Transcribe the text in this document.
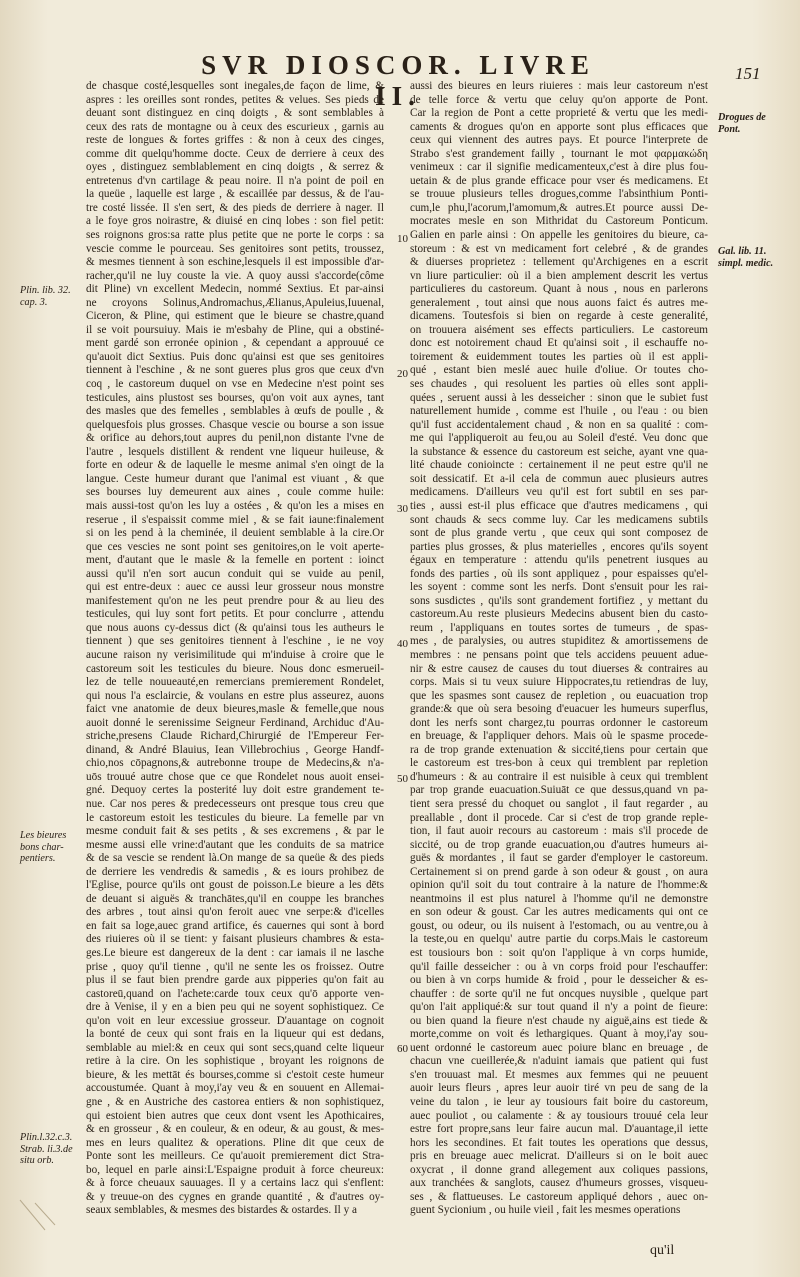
SVR DIOSCOR. LIVRE II.
151
de chasque costé,lesquelles sont inegales,de façon de lime, &
aspres : les oreilles sont rondes, petites & velues. Ses pieds de
deuant sont distinguez en cinq doigts , & sont semblables à
ceux des rats de montagne ou à ceux des escurieux , garnis au
reste de longues & fortes griffes : & non à ceux des cinges,
comme dit quelqu'homme docte. Ceux de derriere à ceux des
oyes , distinguez semblablement en cinq doigts , & serrez &
entretenus d'vn cartilage & peau noire. Il n'a point de poil en
la queüe , laquelle est large , & escaillée par dessus, & de l'au-
tre costé lissée. Il s'en sert, & des pieds de derriere à nager. Il
a le foye gros noirastre, & diuisé en cinq lobes : son fiel petit:
ses roignons gros:sa ratte plus petite que ne porte le corps : sa
vescie comme le pourceau. Ses genitoires sont petits, troussez,
& mesmes tiennent à son eschine,lesquels il est impossible d'ar-
racher,qu'il ne luy couste la vie. A quoy aussi s'accorde(côme
dit Pline) vn excellent Medecin, nommé Sextius. Et par-ainsi
ne croyons Solinus,Andromachus,Ælianus,Apuleius,Iuuenal,
Ciceron, & Pline, qui estiment que le bieure se chastre,quand
il se voit poursuiuy. Mais ie m'esbahy de Pline, qui a obstiné-
ment gardé son erronée opinion , & cependant a approuué ce
qu'auoit dict Sextius. Puis donc qu'ainsi est que ses genitoires
tiennent à l'eschine , & ne sont gueres plus gros que ceux d'vn
coq , le castoreum duquel on vse en Medecine n'est point ses
testicules, ains plustost ses bourses, qu'on voit aux aynes, tant
des masles que des femelles , semblables à œufs de poulle , &
quelquesfois plus grosses. Chasque vescie ou bourse a son issue
& orifice au dehors,tout aupres du penil,non distante l'vne de
l'autre , lesquels distillent & rendent vne liqueur huileuse, &
forte en odeur & de laquelle le mesme animal s'en oingt de la
langue. Ceste humeur durant que l'animal est viuant , & que
ses bourses luy demeurent aux aines , coule comme huile:
mais aussi-tost qu'on les luy a ostées , & qu'on les a mises en
reserue , il s'espaissit comme miel , & se fait iaune:finalement
si on les pend à la cheminée, il deuient semblable à la cire.Or
que ces vescies ne sont point ses genitoires,on le voit aperte-
ment, d'autant que le masle & la femelle en portent : ioinct
aussi qu'il n'en sort aucun conduit qui se vuide au penil,
qui est entre-deux : auec ce aussi leur grosseur nous monstre
manifestement qu'on ne les peut prendre pour & au lieu des
testicules, qui luy sont fort petits. Et pour conclurre , attendu
que nous auons cy-dessus dict (& qu'ainsi tous les autheurs le
tiennent ) que ses genitoires tiennent à l'eschine , ie ne voy
aucune raison ny verisimilitude qui m'induise à croire que le
castoreum soit les testicules du bieure. Nous donc esmerueil-
lez de telle nouueauté,en remercians premierement Rondelet,
qui nous l'a esclaircie, & voulans en estre plus asseurez, auons
faict vne anatomie de deux bieures,masle & femelle,que nous
auoit donné le serenissime Seigneur Ferdinand, Archiduc d'Au-
striche,presens Claude Richard,Chirurgié de l'Empereur Fer-
dinand, & André Blauius, Iean Villebrochius , George Handf-
chio,nos cōpagnons,& autrebonne troupe de Medecins,& n'a-
uōs trouué autre chose que ce que Rondelet nous auoit ensei-
gné. Dequoy certes la posterité luy doit estre grandement te-
nue. Car nos peres & predecesseurs ont presque tous creu que
le castoreum estoit les testicules du bieure. La femelle par vn
mesme conduit fait & ses petits , & ses excremens , & par le
mesme aussi elle vrine:d'autant que les conduits de sa matrice
& de sa vescie se rendent là.On mange de sa queüe & des pieds
de derriere les vendredis & samedis , & es iours prohibez de
l'Eglise, pource qu'ils ont goust de poisson.Le bieure a les dēts
de deuant si aiguës & tranchātes,qu'il en couppe les branches
des arbres , tout ainsi qu'on feroit auec vne serpe:& d'icelles
en fait sa loge,auec grand artifice, és cauernes qui sont à bord
des riuieres où il se tient: y faisant plusieurs chambres & esta-
ges.Le bieure est dangereux de la dent : car iamais il ne lasche
prise , quoy qu'il tienne , qu'il ne sente les os froissez. Outre
plus il se faut bien prendre garde aux pipperies qu'on fait au
castoreū,quand on l'achete:carde toux ceux qu'ō apporte ven-
dre à Venise, il y en a bien peu qui ne soyent sophistiquez. Ce
qu'on voit en leur excessiue grosseur. D'auantage on cognoit
la bonté de ceux qui sont frais en la liqueur qui est dedans,
semblable au miel:& en ceux qui sont secs,quand celte liqueur
retire à la cire. On les sophistique , broyant les roignons de
bieure, & les mettāt és bourses,comme si c'estoit ceste humeur
accoustumée. Quant à moy,i'ay veu & en souuent en Allemai-
gne , & en Austriche des castorea entiers & non sophistiquez,
qui estoient bien autres que ceux dont vsent les Apothicaires,
& en grosseur , & en couleur, & en odeur, & au goust, & mes-
mes en leurs qualitez & operations. Pline dit que ceux de
Ponte sont les meilleurs. Ce qu'auoit premierement dict Stra-
bo, lequel en parle ainsi:L'Espaigne produit à force cheureux:
& à force cheuaux sauuages. Il y a certains lacz qui s'enflent:
& y treuue-on des cygnes en grande quantité , & d'autres oy-
seaux semblables, & mesmes des bistardes & ostardes. Il y a
aussi des bieures en leurs riuieres : mais leur castoreum n'est
de telle force & vertu que celuy qu'on apporte de Pont.
Car la region de Pont a cette proprieté & vertu que les medi-
caments & drogues qu'on en apporte sont plus efficaces que
ceux qui viennent des autres pays. Et pource l'interprete de
Strabo s'est grandement failly , tournant le mot φαρμακώδη
venimeux : car il signifie medicamenteux,c'est à dire plus fou-
uetain & de plus grande efficace pour vser és medicamens. Et
se trouue plusieurs telles drogues,comme l'absinthium Ponti-
cum,le phu,l'acorum,l'amomum,& autres.Et pource aussi De-
mocrates mesle en son Mithridat du Castoreum Ponticum.
Galien en parle ainsi : On appelle les genitoires du bieure, ca-
storeum : & est vn medicament fort celebré , & de grandes
& diuerses proprietez : tellement qu'Archigenes en a escrit
vn liure particulier: où il a bien amplement descrit les vertus
particulieres du castoreum. Quant à nous , nous en parlerons
generalement , tout ainsi que nous auons faict és autres me-
dicamens. Toutesfois si bien on regarde à ceste generalité,
on trouuera aisément ses effects particuliers. Le castoreum
donc est notoirement chaud Et qu'ainsi soit , il eschauffe no-
toirement & euidemment toutes les parties où il est appli-
qué , estant bien meslé auec huile d'oliue. Or toutes cho-
ses chaudes , qui resoluent les parties où elles sont appli-
quées , seruent aussi à les desseicher : sinon que le subiet fust
naturellement humide , comme est l'huile , ou l'eau : ou bien
qu'il fust accidentalement chaud , & non en sa qualité : com-
me qui l'appliqueroit au feu,ou au Soleil d'esté. Veu donc que
la substance & essence du castoreum est seiche, ayant vne qua-
lité chaude conioincte : certainement il ne peut estre qu'il ne
soit dessicatif. Et a-il cela de commun auec plusieurs autres
medicamens. D'ailleurs veu qu'il est fort subtil en ses par-
ties , aussi est-il plus efficace que d'autres medicamens , qui
sont chauds & secs comme luy. Car les medicamens subtils
sont de plus grande vertu , que ceux qui sont composez de
parties plus grosses, & plus materielles , encores qu'ils soyent
égaux en temperature : attendu qu'ils penetrent iusques au
fonds des parties , où ils sont appliquez , pour espaisses qu'el-
les soyent : comme sont les nerfs. Dont s'ensuit pour les rai-
sons susdictes , qu'ils sont grandement fortifiez , y mettant du
castoreum.Au reste plusieurs Medecins abusent bien du casto-
reum , l'appliquans en toutes sortes de tumeurs , de spas-
mes , de paralysies, ou autres stupiditez & amortissemens de
membres : ne pensans point que tels accidens peuuent adue-
nir & estre causez de causes du tout diuerses & contraires au
corps. Mais si tu veux suiure Hippocrates,tu retiendras de luy,
que les spasmes sont causez de repletion , ou euacuation trop
grande:& que où sera besoing d'euacuer les humeurs superflus,
dont les nerfs sont chargez,tu pourras ordonner le castoreum
en breuage, & l'appliquer dehors. Mais où le spasme procede-
ra de trop grande extenuation & siccité,tiens pour certain que
le castoreum est tres-bon à ceux qui tremblent par repletion
d'humeurs : & au contraire il est nuisible à ceux qui tremblent
par trop grande euacuation.Suiuāt ce que dessus,quand vn pa-
tient sera pressé du choquet ou sanglot , il faut regarder , au
preallable , dont il procede. Car si c'est de trop grande reple-
tion, il faut auoir recours au castoreum : mais s'il procede de
siccité, ou de trop grande euacuation,ou d'autres humeurs ai-
guës & mordantes , il faut se garder d'employer le castoreum.
Certainement si on prend garde à son odeur & goust , on aura
opinion qu'il soit du tout contraire à la nature de l'homme:&
neantmoins il est plus naturel à l'homme qu'il ne demonstre
en son odeur & goust. Car les autres medicaments qui ont ce
goust, ou odeur, ou ils nuisent à l'estomach, ou au ventre,ou à
la teste,ou en quelqu' autre partie du corps.Mais le castoreum
est tousiours bon : soit qu'on l'applique à vn corps humide,
qu'il faille desseicher : ou à vn corps froid pour l'eschauffer:
ou bien à vn corps humide & froid , pour le desseicher & es-
chauffer : de sorte qu'il ne fut oncques nuysible , quelque part
qu'on l'ait appliqué:& sur tout quand il n'y a point de fieure:
ou bien quand la fieure n'est chaude ny aiguë,ains est tiede &
morte,comme on voit és lethargiques. Quant à moy,i'ay sou-
uent ordonné le castoreum auec poiure blanc en breuage , de
chacun vne cueillerée,& n'aduint iamais que patient qui fust
s'en trouuast mal. Et mesmes aux femmes qui ne peuuent
auoir leurs fleurs , apres leur auoir tiré vn peu de sang de la
veine du talon , ie leur ay tousiours fait boire du castoreum,
auec pouliot , ou calamente : & ay tousiours trouué cela leur
estre fort propre,sans leur faire aucun mal. D'auantage,il iette
hors les secondines. Et fait toutes les operations que dessus,
pris en breuage auec melicrat. D'ailleurs si on le boit auec
oxycrat , il donne grand allegement aux coliques passions,
aux tranchées & sanglots, causez d'humeurs grosses, visqueu-
ses , & flattueuses. Le castoreum appliqué dehors , auec on-
guent Sycionium , ou huile vieil , fait les mesmes operations
Plin. lib. 32. cap. 3.
Les bieures bons char- pentiers.
Plin.l.32.c.3. Strab. li.3.de situ orb.
Drogues de Pont.
Gal. lib. 11. simpl. medic.
10
20
30
40
50
60
qu'il
